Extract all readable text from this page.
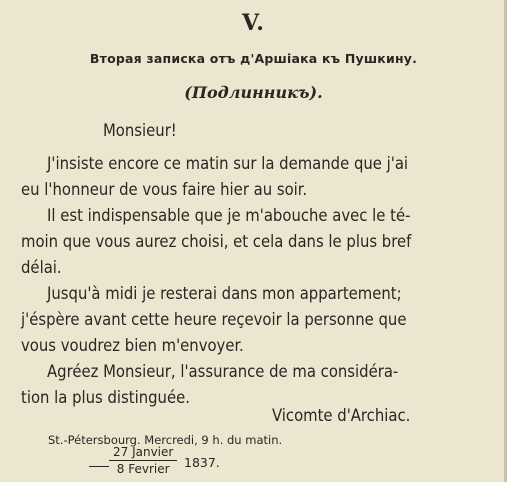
V.
Вторая записка отъ д'Аршіака къ Пушкину.
(Подлинникъ).
Monsieur!
J'insiste encore ce matin sur la demande que j'ai
eu l'honneur de vous faire hier au soir.
Il est indispensable que je m'abouche avec le té-
moin que vous aurez choisi, et cela dans le plus bref
délai.
Jusqu'à midi je resterai dans mon appartement;
j'éspère avant cette heure reçevoir la personne que
vous voudrez bien m'envoyer.
Agréez Monsieur, l'assurance de ma considéra-
tion la plus distinguée.
Vicomte d'Archiac.
St.-Pétersbourg. Mercredi, 9 h. du matin.
27 Janvier
8 Fevrier	1837.
